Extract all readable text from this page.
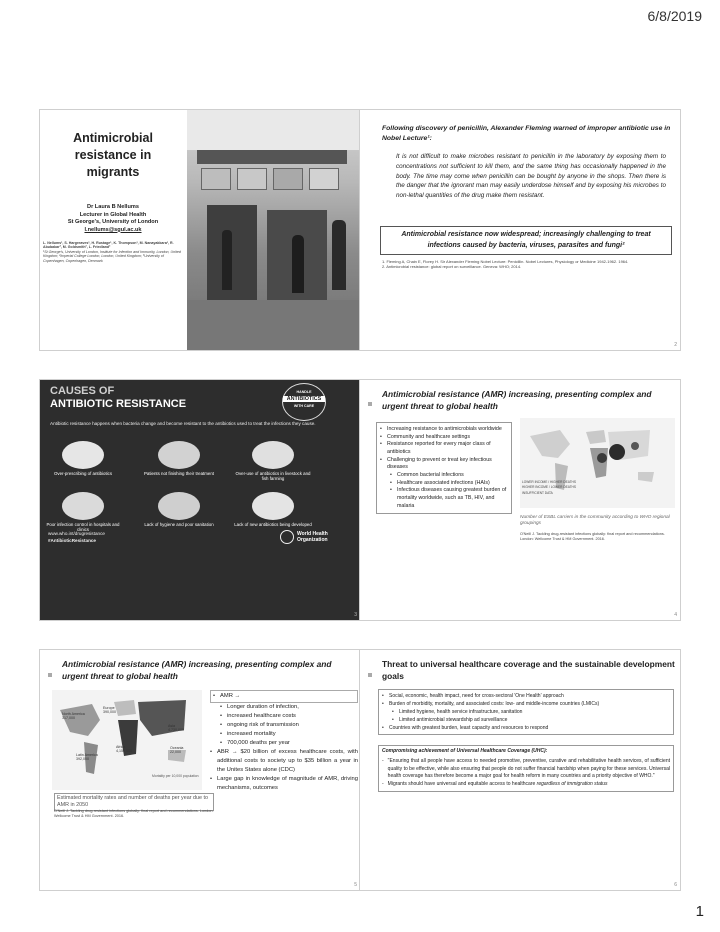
6/8/2019
Antimicrobial resistance in migrants
Dr Laura B Nellums
Lecturer in Global Health
St George's, University of London
l.nellums@sgul.ac.uk
L. Nellums¹, S. Hargreaves¹, H. Rustage¹, K. Thompson¹, M. Nanayakkara¹, R. Abubakar², M. Goldsmith², L. Friedland²
¹St George's, University of London, Institute for Infection and Immunity, London, United Kingdom; ²Imperial College London, London, United Kingdom; ³University of Copenhagen, Copenhagen, Denmark
Following discovery of penicillin, Alexander Fleming warned of improper antibiotic use in Nobel Lecture¹:
It is not difficult to make microbes resistant to penicillin in the laboratory by exposing them to concentrations not sufficient to kill them, and the same thing has occasionally happened in the body. The time may come when penicillin can be bought by anyone in the shops. Then there is the danger that the ignorant man may easily underdose himself and by exposing his microbes to non-lethal quantities of the drug make them resistant.
Antimicrobial resistance now widespread; increasingly challenging to treat infections caused by bacteria, viruses, parasites and fungi²
1. Fleming A, Chain E, Florey H. Sir Alexander Fleming Nobel Lecture: Penicillin. Nobel Lectures, Physiology or Medicine 1942-1962. 1964.
2. Antimicrobial resistance: global report on surveillance. Geneva: WHO; 2014.
2
CAUSES OF
ANTIBIOTIC RESISTANCE
HANDLE
ANTIBIOTICS
WITH CARE
Antibiotic resistance happens when bacteria change and become resistant to the antibiotics used to treat the infections they cause.
Over-prescribing of antibiotics	Patients not finishing their treatment	Over-use of antibiotics in livestock and fish farming
Poor infection control in hospitals and clinics
Lack of hygiene and poor sanitation	Lack of new antibiotics being developed
www.who.int/drugresistance
#AntibioticResistance
World Health Organization
3
Antimicrobial resistance (AMR) increasing, presenting complex and urgent threat to global health
• Increasing resistance to antimicrobials worldwide
• Community and healthcare settings
• Resistance reported for every major class of antibiotics
• Challenging to prevent or treat key infectious diseases
• Common bacterial infections
• Healthcare associated infections (HAIs)
• Infectious diseases causing greatest burden of mortality worldwide, such as TB, HIV, and malaria
LOWER INCOME / HIGHER DEATHS
HIGHER INCOME / LOWER DEATHS
INSUFFICIENT DATA
Number of ESBL carriers in the community according to WHO regional groupings
O'Neill J. Tackling drug-resistant infections globally: final report and recommendations. London: Wellcome Trust & HM Government. 2016.
4
Antimicrobial resistance (AMR) increasing, presenting complex and urgent threat to global health
Europe
390,000
North America
317,000
Asia
4,730,000
Africa
4,150,000
Latin America
392,000
Oceania
22,000
Mortality per 10,000 population
Estimated mortality rates and number of deaths per year due to AMR in 2050
O'Neill J. Tackling drug-resistant infections globally: final report and recommendations. London: Wellcome Trust & HM Government. 2016.
• AMR →
• Longer duration of infection,
• increased healthcare costs
• ongoing risk of transmission
• increased mortality
• 700,000 deaths per year
• ABR → $20 billion of excess healthcare costs, with additional costs to society up to $35 billion a year in the Unites States alone (CDC)
• Large gap in knowledge of magnitude of AMR, driving mechanisms, outcomes
5
Threat to universal healthcare coverage and the sustainable development goals
• Social, economic, health impact, need for cross-sectoral 'One Health' approach
• Burden of morbidity, mortality, and associated costs: low- and middle-income countries (LMICs)
• Limited hygiene, health service infrastructure, sanitation
• Limited antimicrobial stewardship ad surveillance
• Countries with greatest burden, least capacity and resources to respond
Compromising achievement of Universal Healthcare Coverage (UHC):
- "Ensuring that all people have access to needed promotive, preventive, curative and rehabilitative health services, of sufficient quality to be effective, while also ensuring that people do not suffer financial hardship when paying for these services. Universal health coverage has therefore become a major goal for health reform in many countries and a priority objective of WHO."
- Migrants should have universal and equitable access to healthcare regardless of immigration status
6
1
